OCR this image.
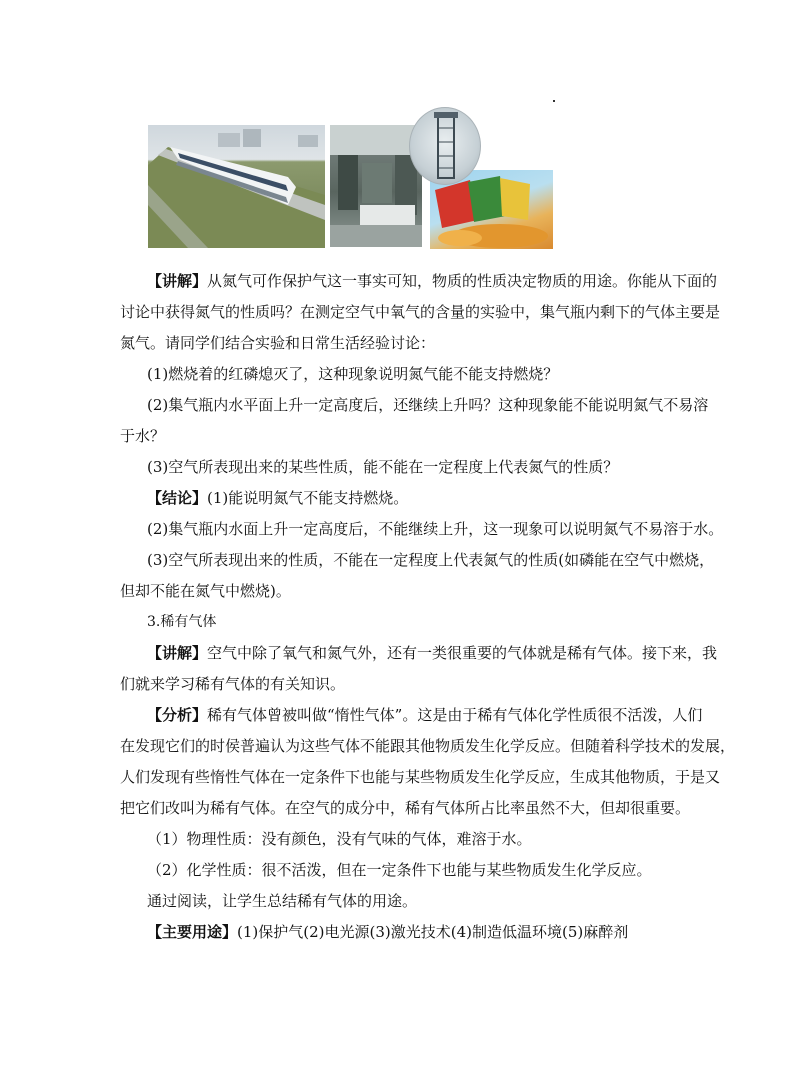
【讲解】从氮气可作保护气这一事实可知，物质的性质决定物质的用途。你能从下面的
讨论中获得氮气的性质吗？在测定空气中氧气的含量的实验中，集气瓶内剩下的气体主要是
氮气。请同学们结合实验和日常生活经验讨论：
(1)燃烧着的红磷熄灭了，这种现象说明氮气能不能支持燃烧？
(2)集气瓶内水平面上升一定高度后，还继续上升吗？这种现象能不能说明氮气不易溶
于水？
(3)空气所表现出来的某些性质，能不能在一定程度上代表氮气的性质？
【结论】(1)能说明氮气不能支持燃烧。
(2)集气瓶内水面上升一定高度后，不能继续上升，这一现象可以说明氮气不易溶于水。
(3)空气所表现出来的性质，不能在一定程度上代表氮气的性质(如磷能在空气中燃烧，
但却不能在氮气中燃烧)。
3.稀有气体
【讲解】空气中除了氧气和氮气外，还有一类很重要的气体就是稀有气体。接下来，我
们就来学习稀有气体的有关知识。
【分析】稀有气体曾被叫做“惰性气体”。这是由于稀有气体化学性质很不活泼，人们
在发现它们的时侯普遍认为这些气体不能跟其他物质发生化学反应。但随着科学技术的发展，
人们发现有些惰性气体在一定条件下也能与某些物质发生化学反应，生成其他物质，于是又
把它们改叫为稀有气体。在空气的成分中，稀有气体所占比率虽然不大，但却很重要。
（1）物理性质：没有颜色，没有气味的气体，难溶于水。
（2）化学性质：很不活泼，但在一定条件下也能与某些物质发生化学反应。
通过阅读，让学生总结稀有气体的用途。
【主要用途】(1)保护气(2)电光源(3)激光技术(4)制造低温环境(5)麻醉剂
